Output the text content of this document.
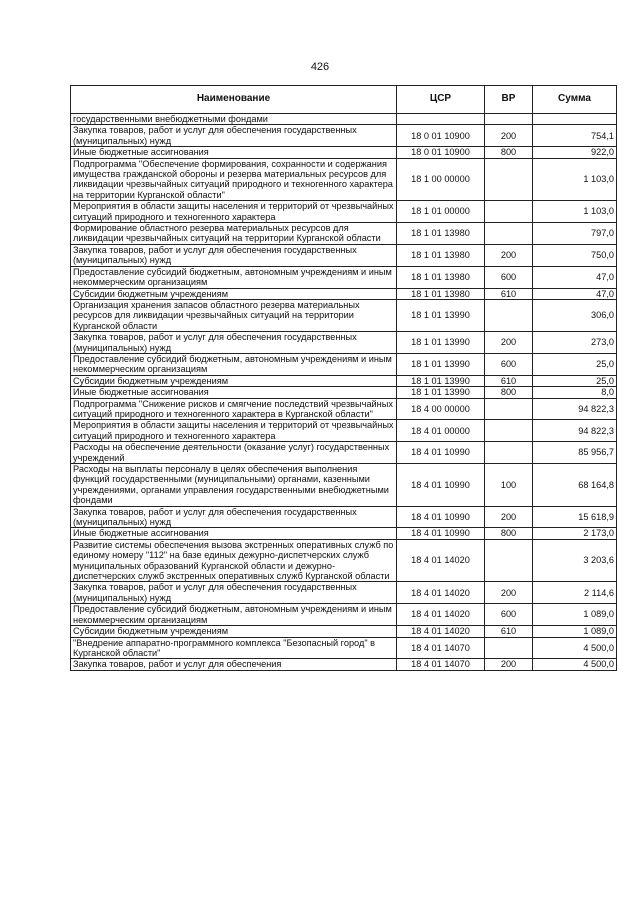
426
Наименование	ЦСР	ВР	Сумма
государственными внебюджетными фондами			
Закупка товаров, работ и услуг для обеспечения государственных (муниципальных) нужд	18 0 01 10900	200	754,1
Иные бюджетные ассигнования	18 0 01 10900	800	922,0
Подпрограмма "Обеспечение формирования, сохранности и содержания имущества гражданской обороны и резерва материальных ресурсов для ликвидации чрезвычайных ситуаций природного и техногенного характера на территории Курганской области"	18 1 00 00000		1 103,0
Мероприятия в области защиты населения и территорий от чрезвычайных ситуаций природного и техногенного характера	18 1 01 00000		1 103,0
Формирование областного резерва материальных ресурсов для ликвидации чрезвычайных ситуаций на территории Курганской области	18 1 01 13980		797,0
Закупка товаров, работ и услуг для обеспечения государственных (муниципальных) нужд	18 1 01 13980	200	750,0
Предоставление субсидий бюджетным, автономным учреждениям и иным некоммерческим организациям	18 1 01 13980	600	47,0
Субсидии бюджетным учреждениям	18 1 01 13980	610	47,0
Организация хранения запасов областного резерва материальных ресурсов для ликвидации чрезвычайных ситуаций на территории Курганской области	18 1 01 13990		306,0
Закупка товаров, работ и услуг для обеспечения государственных (муниципальных) нужд	18 1 01 13990	200	273,0
Предоставление субсидий бюджетным, автономным учреждениям и иным некоммерческим организациям	18 1 01 13990	600	25,0
Субсидии бюджетным учреждениям	18 1 01 13990	610	25,0
Иные бюджетные ассигнования	18 1 01 13990	800	8,0
Подпрограмма "Снижение рисков и смягчение последствий чрезвычайных ситуаций природного и техногенного характера в Курганской области"	18 4 00 00000		94 822,3
Мероприятия в области защиты населения и территорий от чрезвычайных ситуаций природного и техногенного характера	18 4 01 00000		94 822,3
Расходы на обеспечение деятельности (оказание услуг) государственных учреждений	18 4 01 10990		85 956,7
Расходы на выплаты персоналу в целях обеспечения выполнения функций государственными (муниципальными) органами, казенными учреждениями, органами управления государственными внебюджетными фондами	18 4 01 10990	100	68 164,8
Закупка товаров, работ и услуг для обеспечения государственных (муниципальных) нужд	18 4 01 10990	200	15 618,9
Иные бюджетные ассигнования	18 4 01 10990	800	2 173,0
Развитие системы обеспечения вызова экстренных оперативных служб по единому номеру "112" на базе единых дежурно-диспетчерских служб муниципальных образований Курганской области и дежурно-диспетчерских служб экстренных оперативных служб Курганской области	18 4 01 14020		3 203,6
Закупка товаров, работ и услуг для обеспечения государственных (муниципальных) нужд	18 4 01 14020	200	2 114,6
Предоставление субсидий бюджетным, автономным учреждениям и иным некоммерческим организациям	18 4 01 14020	600	1 089,0
Субсидии бюджетным учреждениям	18 4 01 14020	610	1 089,0
"Внедрение аппаратно-программного комплекса "Безопасный город" в Курганской области"	18 4 01 14070		4 500,0
Закупка товаров, работ и услуг для обеспечения	18 4 01 14070	200	4 500,0
